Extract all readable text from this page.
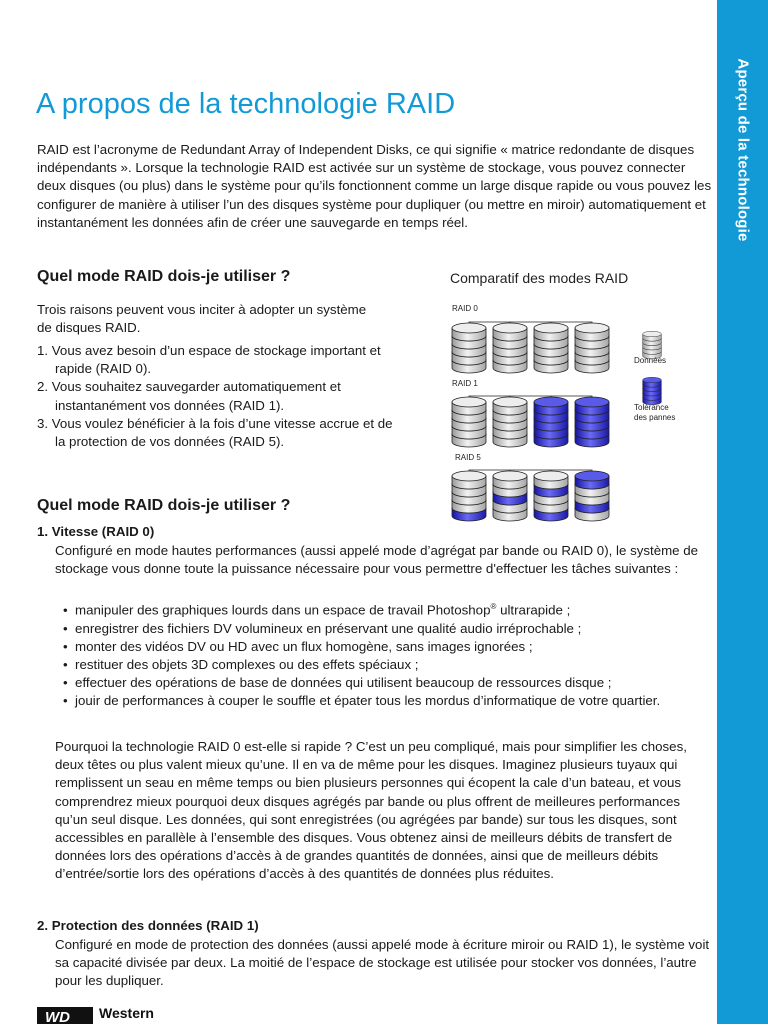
Aperçu de la technologie
A propos de la technologie RAID

RAID est l’acronyme de Redundant Array of Independent Disks, ce qui signifie « matrice redondante de disques indépendants ». Lorsque la technologie RAID est activée sur un système de stockage, vous pouvez connecter deux disques (ou plus) dans le système pour qu’ils fonctionnent comme un large disque rapide ou vous pouvez les configurer de manière à utiliser l’un des disques système pour dupliquer (ou mettre en miroir) automatiquement et instantanément les données afin de créer une sauvegarde en temps réel.

Quel mode RAID dois-je utiliser ?

Trois raisons peuvent vous inciter à adopter un système de disques RAID.

1. Vous avez besoin d’un espace de stockage important et rapide (RAID 0).
2. Vous souhaitez sauvegarder automatiquement et instantanément vos données (RAID 1).
3. Vous voulez bénéficier à la fois d’une vitesse accrue et de la protection de vos données (RAID 5).
Comparatif des modes RAID
RAID 0
RAID 1
RAID 5
Données
Tolérance des pannes
Quel mode RAID dois-je utiliser ?
1. Vitesse (RAID 0)

Configuré en mode hautes performances (aussi appelé mode d’agrégat par bande ou RAID 0), le système de stockage vous donne toute la puissance nécessaire pour vous permettre d'effectuer les tâches suivantes :

•  manipuler des graphiques lourds dans un espace de travail Photoshop® ultrarapide ;
•  enregistrer des fichiers DV volumineux en préservant une qualité audio irréprochable ;
•  monter des vidéos DV ou HD avec un flux homogène, sans images ignorées ;
•  restituer des objets 3D complexes ou des effets spéciaux ;
•  effectuer des opérations de base de données qui utilisent beaucoup de ressources disque ;
•  jouir de performances à couper le souffle et épater tous les mordus d’informatique de votre quartier.

Pourquoi la technologie RAID 0 est-elle si rapide ? C’est un peu compliqué, mais pour simplifier les choses, deux têtes ou plus valent mieux qu’une. Il en va de même pour les disques. Imaginez plusieurs tuyaux qui remplissent un seau en même temps ou bien plusieurs personnes qui écopent la cale d’un bateau, et vous comprendrez mieux pourquoi deux disques agrégés par bande ou plus offrent de meilleures performances qu’un seul disque. Les données, qui sont enregistrées (ou agrégées par bande) sur tous les disques, sont accessibles en parallèle à l’ensemble des disques. Vous obtenez ainsi de meilleurs débits de transfert de données lors des opérations d’accès à de grandes quantités de données, ainsi que de meilleurs débits d’entrée/sortie lors des opérations d’accès à des quantités de données plus réduites.

2. Protection des données (RAID 1)

Configuré en mode de protection des données (aussi appelé mode à écriture miroir ou RAID 1), le système voit sa capacité divisée par deux. La moitié de l’espace de stockage est utilisée pour stocker vos données, l’autre pour les dupliquer.

WD Western
